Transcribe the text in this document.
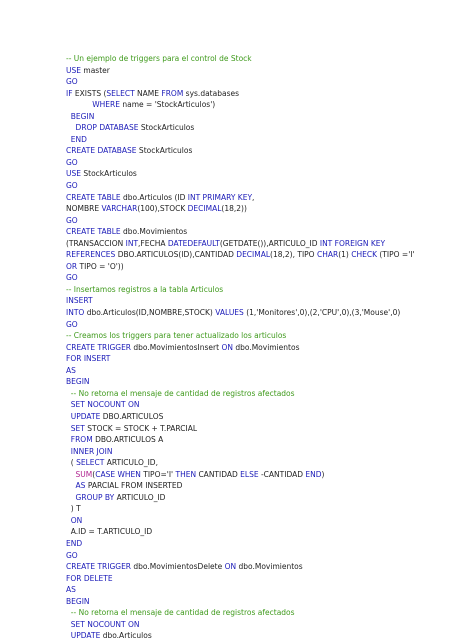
-- Un ejemplo de triggers para el control de Stock
USE master
GO
IF EXISTS (SELECT NAME FROM sys.databases
WHERE name = 'StockArticulos')
BEGIN
DROP DATABASE StockArticulos
END
CREATE DATABASE StockArticulos
GO
USE StockArticulos
GO
CREATE TABLE dbo.Articulos (ID INT PRIMARY KEY,
NOMBRE VARCHAR(100),STOCK DECIMAL(18,2))
GO
CREATE TABLE dbo.Movimientos
(TRANSACCION INT,FECHA DATEDEFAULT(GETDATE()),ARTICULO_ID INT FOREIGN KEY
REFERENCES DBO.ARTICULOS(ID),CANTIDAD DECIMAL(18,2), TIPO CHAR(1) CHECK (TIPO ='I'
OR TIPO = 'O'))
GO
-- Insertamos registros a la tabla Articulos
INSERT
INTO dbo.Articulos(ID,NOMBRE,STOCK) VALUES (1,'Monitores',0),(2,'CPU',0),(3,'Mouse',0)
GO
-- Creamos los triggers para tener actualizado los articulos
CREATE TRIGGER dbo.MovimientosInsert ON dbo.Movimientos
FOR INSERT
AS
BEGIN
-- No retorna el mensaje de cantidad de registros afectados
SET NOCOUNT ON
UPDATE DBO.ARTICULOS
SET STOCK = STOCK + T.PARCIAL
FROM DBO.ARTICULOS A
INNER JOIN
( SELECT ARTICULO_ID,
SUM(CASE WHEN TIPO='I' THEN CANTIDAD ELSE -CANTIDAD END)
AS PARCIAL FROM INSERTED
GROUP BY ARTICULO_ID
) T
ON
A.ID = T.ARTICULO_ID
END
GO
CREATE TRIGGER dbo.MovimientosDelete ON dbo.Movimientos
FOR DELETE
AS
BEGIN
-- No retorna el mensaje de cantidad de registros afectados
SET NOCOUNT ON
UPDATE dbo.Articulos
